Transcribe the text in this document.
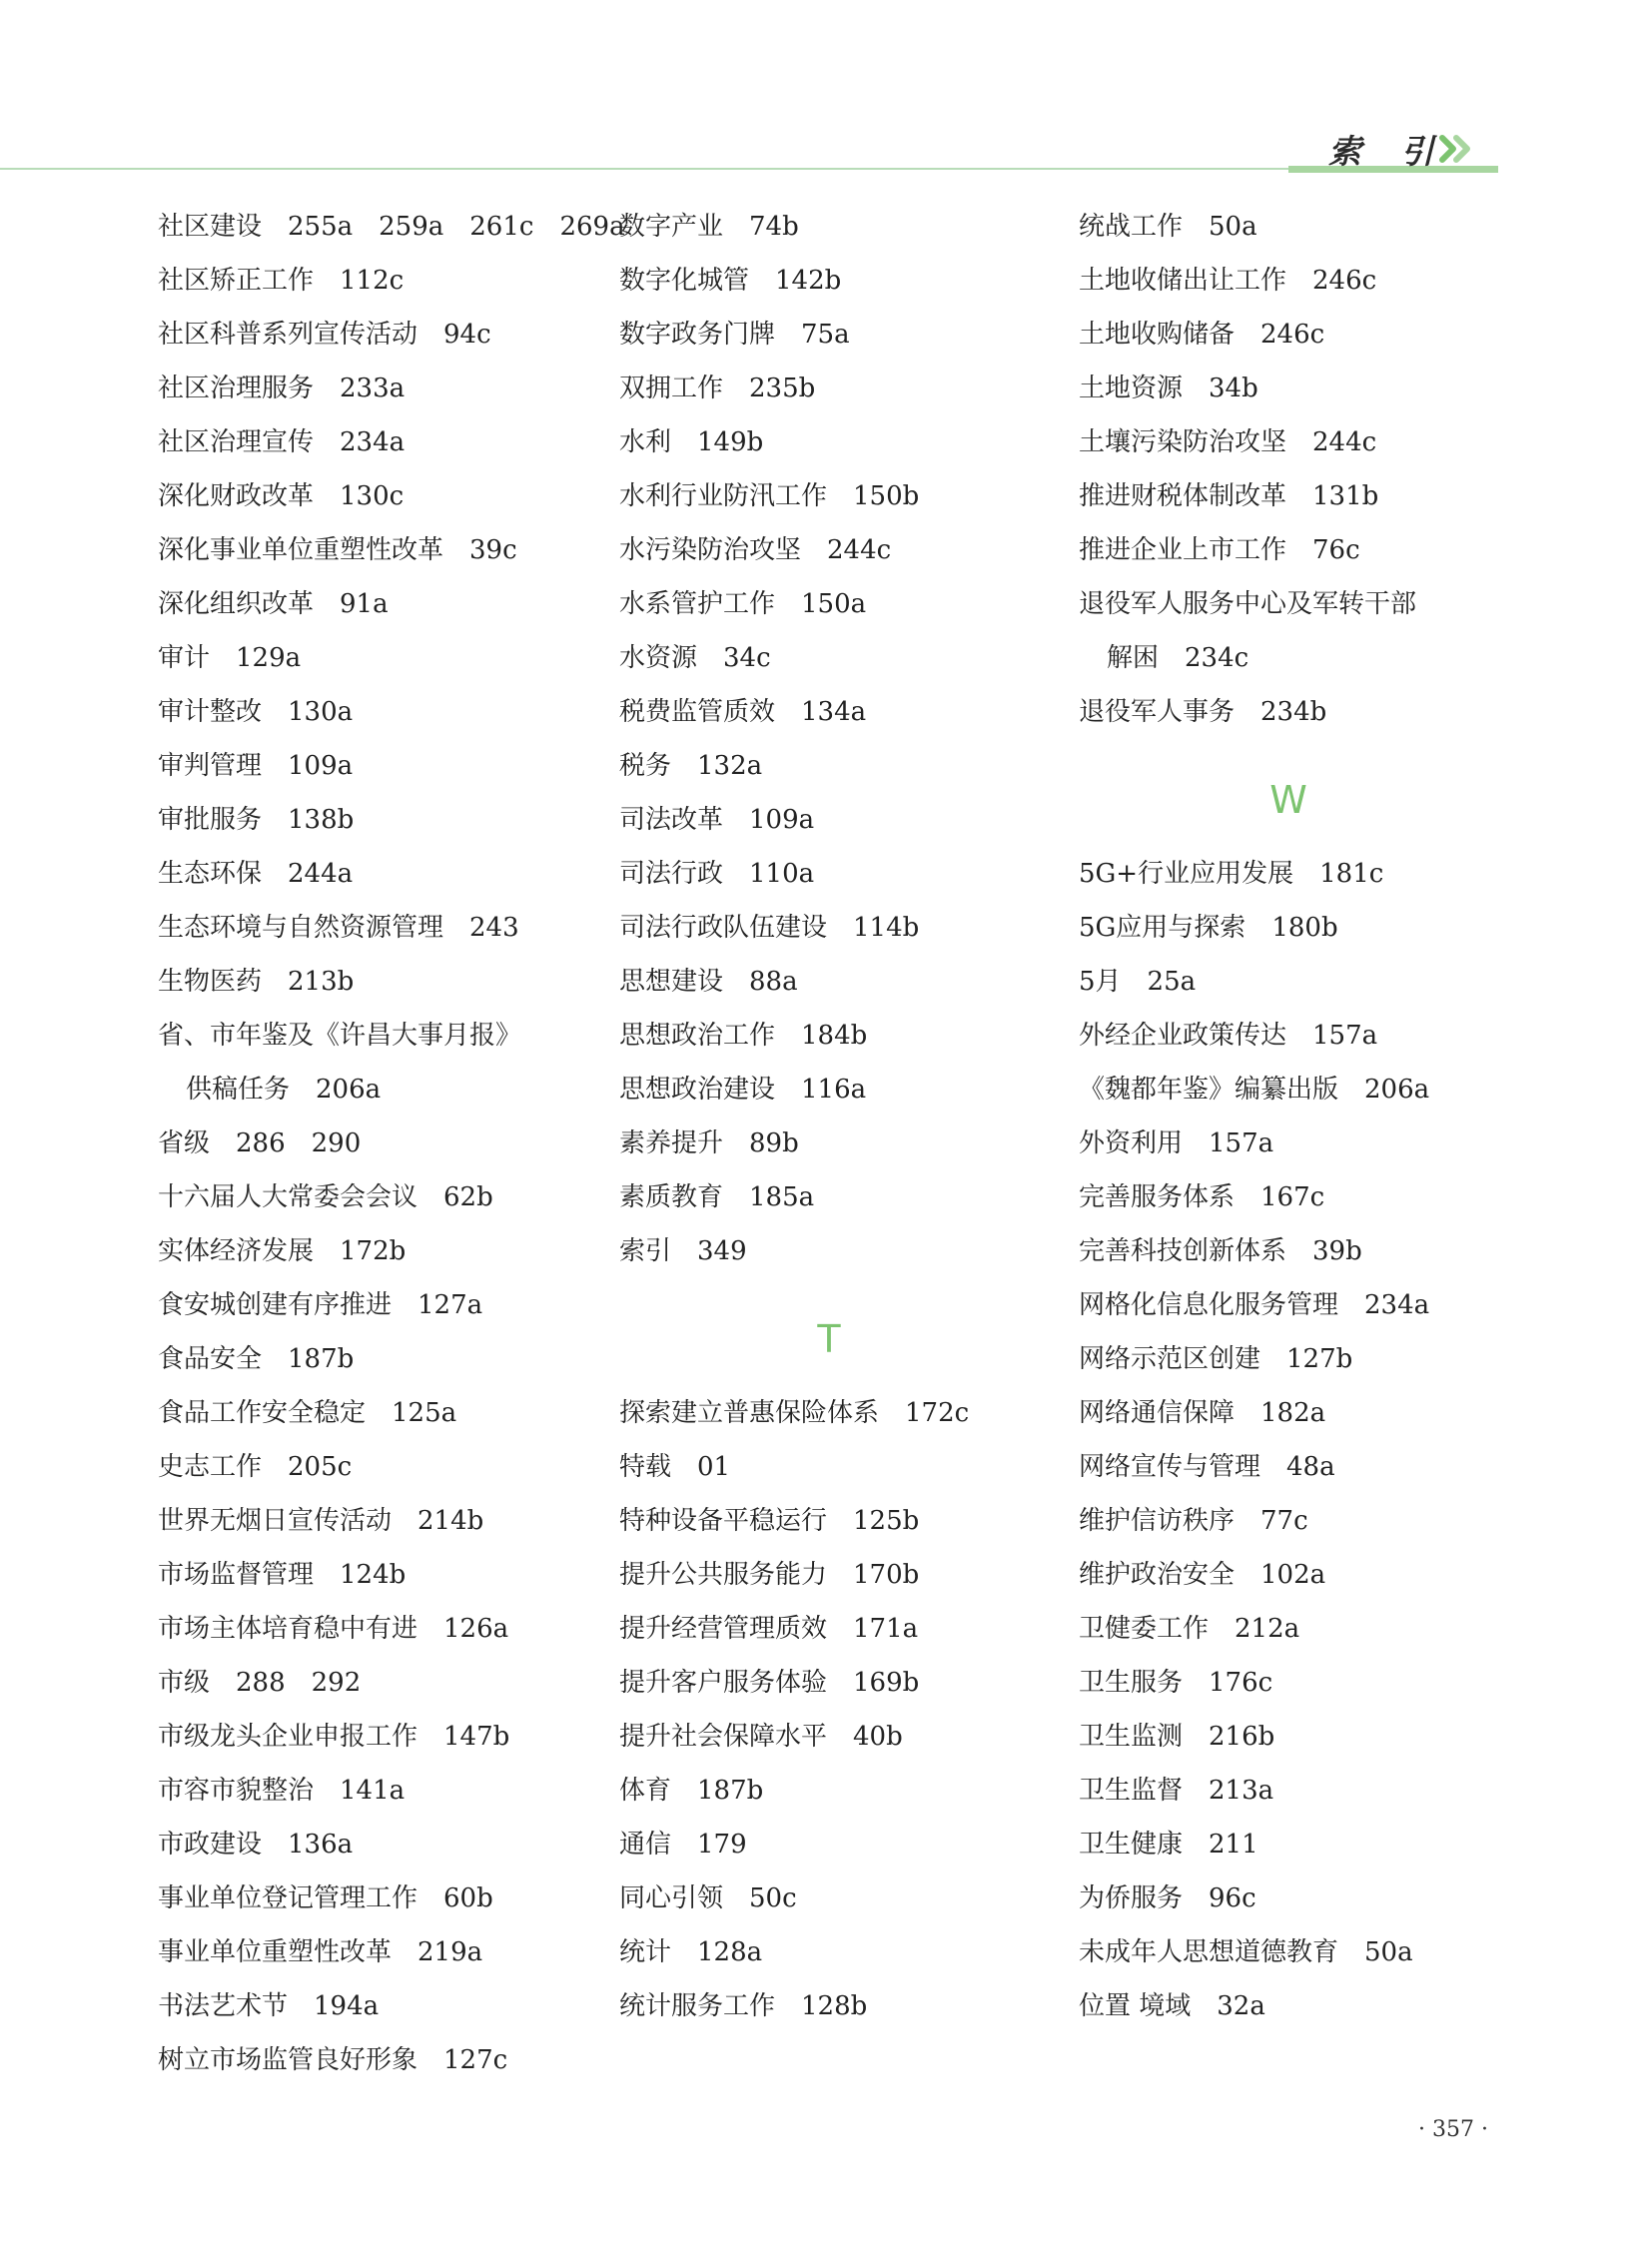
索 引
社区建设 255a　259a　261c　269a
社区矫正工作 112c
社区科普系列宣传活动 94c
社区治理服务 233a
社区治理宣传 234a
深化财政改革 130c
深化事业单位重塑性改革 39c
深化组织改革 91a
审计 129a
审计整改 130a
审判管理 109a
审批服务 138b
生态环保 244a
生态环境与自然资源管理 243
生物医药 213b
省、市年鉴及《许昌大事月报》
供稿任务 206a
省级 286　290
十六届人大常委会会议 62b
实体经济发展 172b
食安城创建有序推进 127a
食品安全 187b
食品工作安全稳定 125a
史志工作 205c
世界无烟日宣传活动 214b
市场监督管理 124b
市场主体培育稳中有进 126a
市级 288　292
市级龙头企业申报工作 147b
市容市貌整治 141a
市政建设 136a
事业单位登记管理工作 60b
事业单位重塑性改革 219a
书法艺术节 194a
树立市场监管良好形象 127c
数字产业 74b
数字化城管 142b
数字政务门牌 75a
双拥工作 235b
水利 149b
水利行业防汛工作 150b
水污染防治攻坚 244c
水系管护工作 150a
水资源 34c
税费监管质效 134a
税务 132a
司法改革 109a
司法行政 110a
司法行政队伍建设 114b
思想建设 88a
思想政治工作 184b
思想政治建设 116a
素养提升 89b
素质教育 185a
索引 349
T
探索建立普惠保险体系 172c
特载 01
特种设备平稳运行 125b
提升公共服务能力 170b
提升经营管理质效 171a
提升客户服务体验 169b
提升社会保障水平 40b
体育 187b
通信 179
同心引领 50c
统计 128a
统计服务工作 128b
统战工作 50a
土地收储出让工作 246c
土地收购储备 246c
土地资源 34b
土壤污染防治攻坚 244c
推进财税体制改革 131b
推进企业上市工作 76c
退役军人服务中心及军转干部
解困 234c
退役军人事务 234b
W
5G+行业应用发展 181c
5G应用与探索 180b
5月 25a
外经企业政策传达 157a
《魏都年鉴》编纂出版 206a
外资利用 157a
完善服务体系 167c
完善科技创新体系 39b
网格化信息化服务管理 234a
网络示范区创建 127b
网络通信保障 182a
网络宣传与管理 48a
维护信访秩序 77c
维护政治安全 102a
卫健委工作 212a
卫生服务 176c
卫生监测 216b
卫生监督 213a
卫生健康 211
为侨服务 96c
未成年人思想道德教育 50a
位置 境域 32a
· 357 ·
